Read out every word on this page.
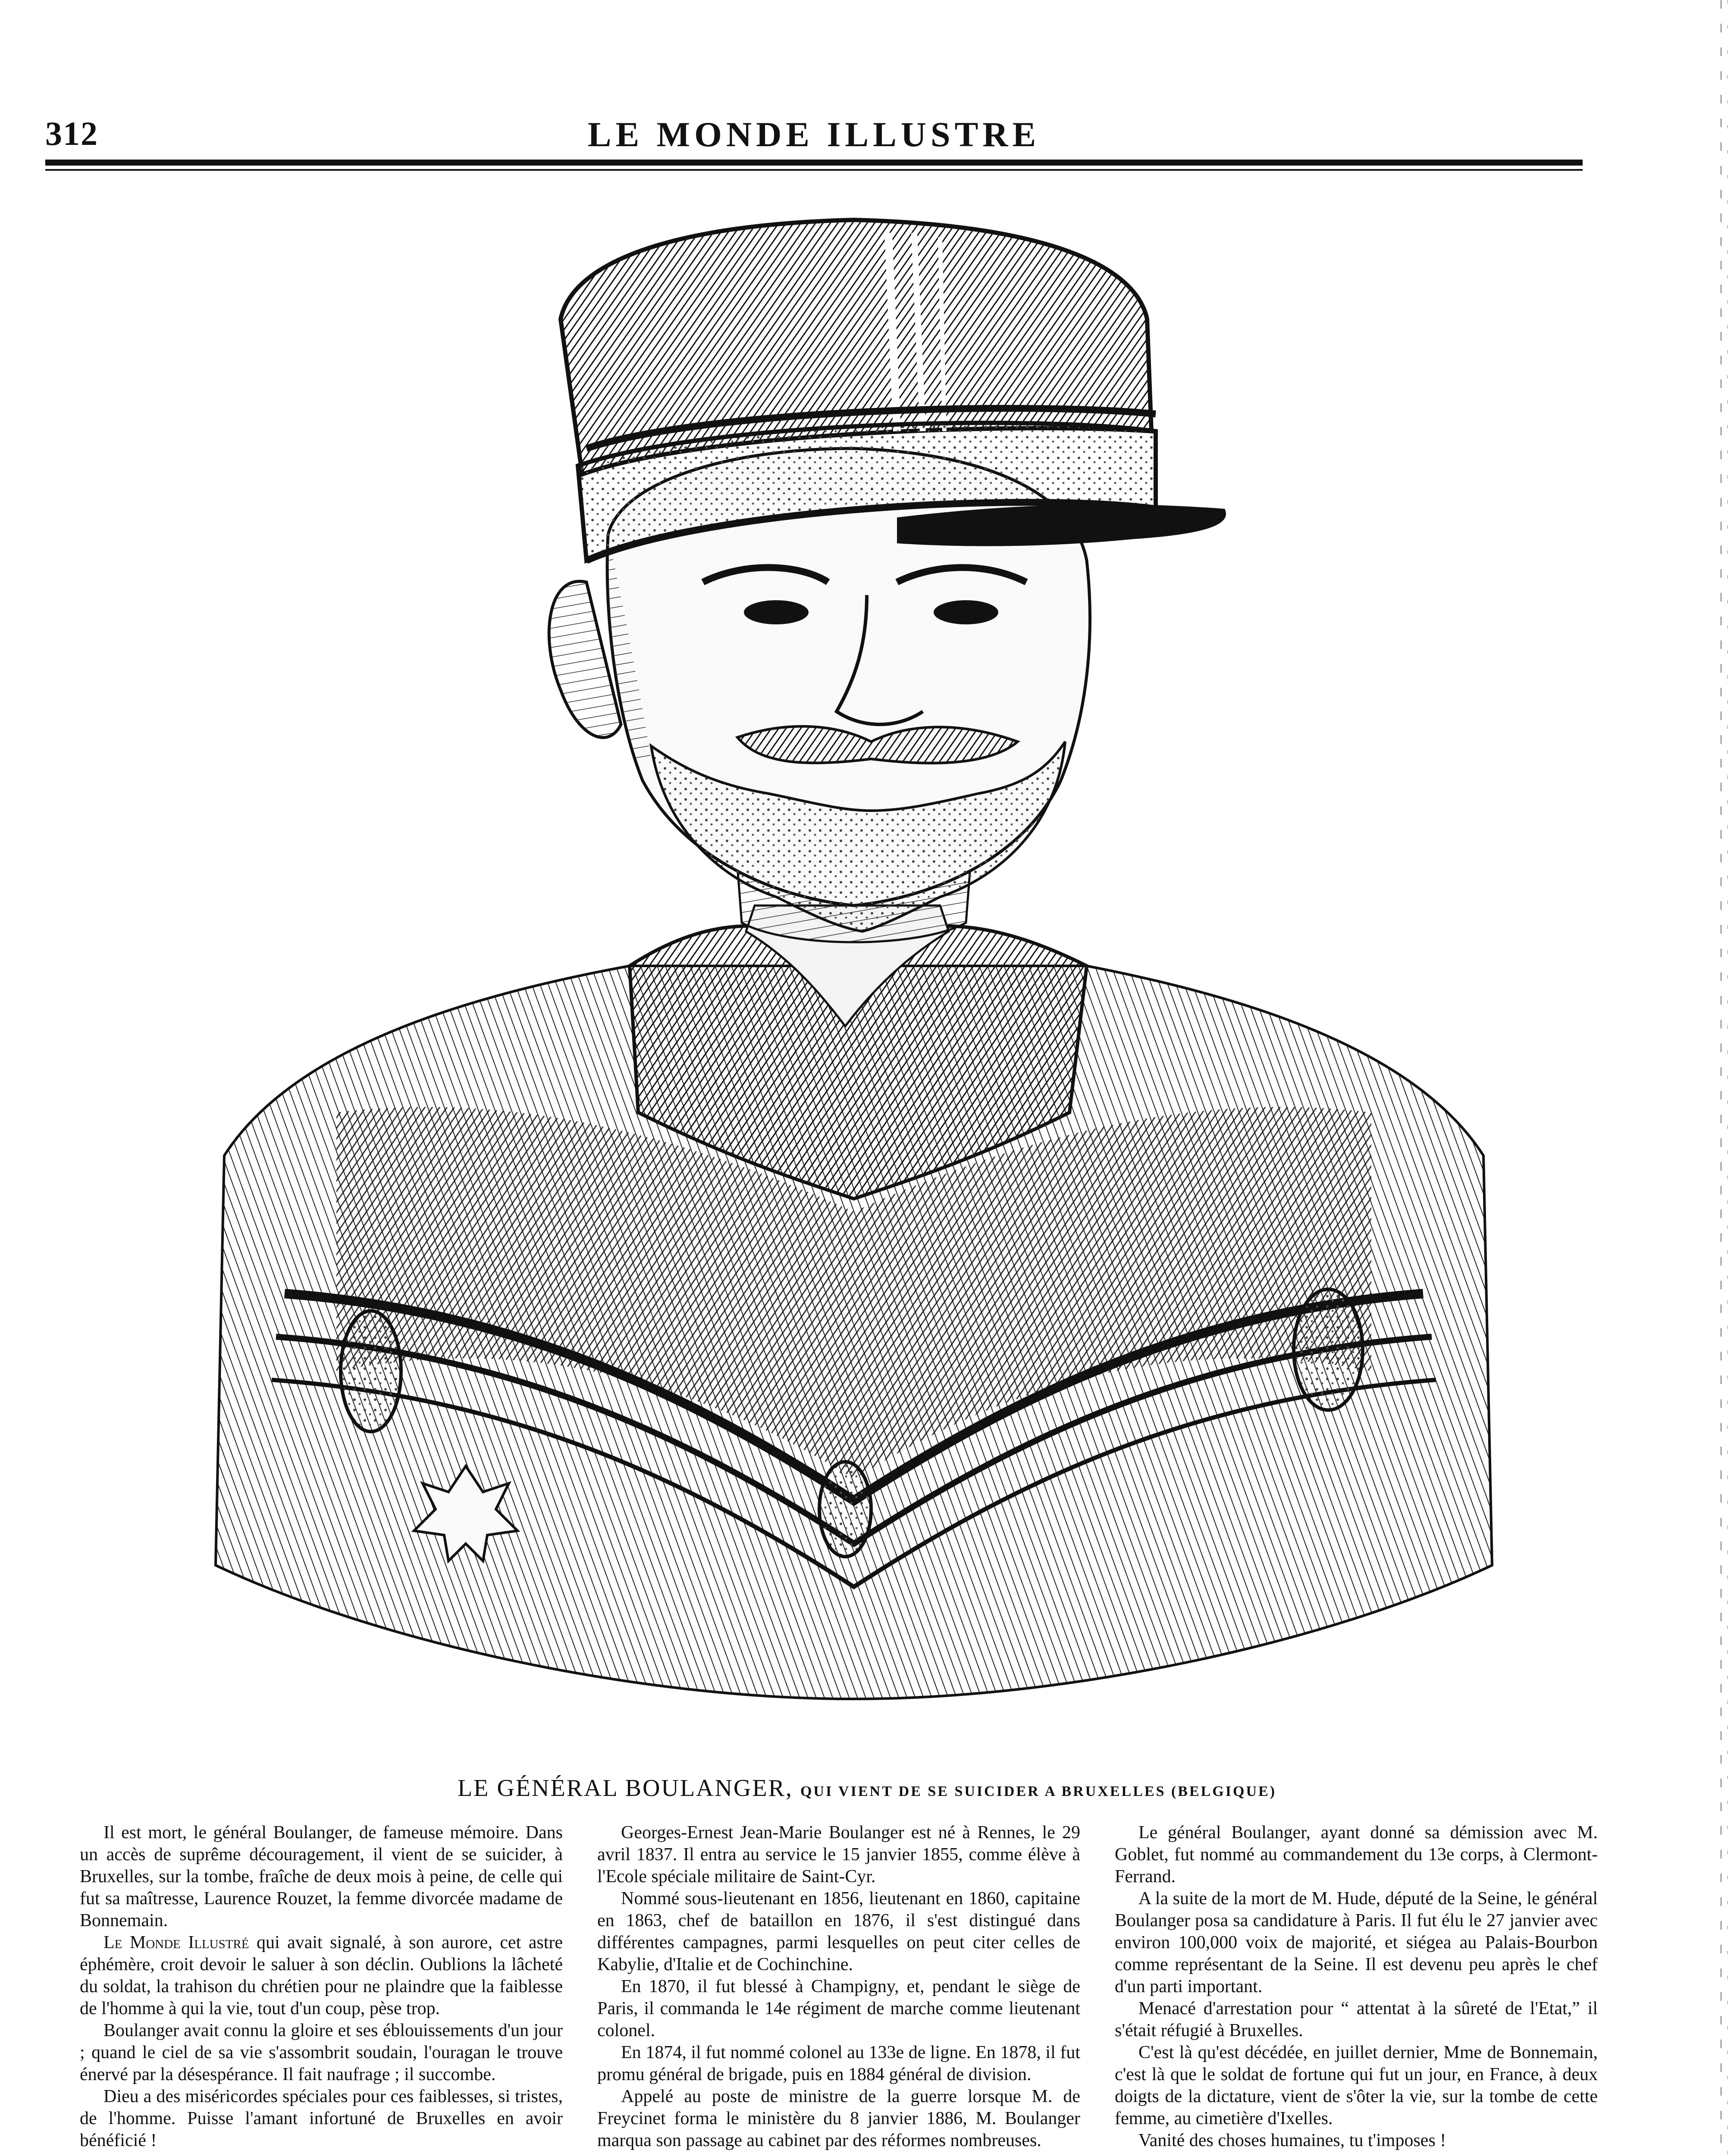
312	LE MONDE ILLUSTRE
LE GÉNÉRAL BOULANGER, QUI VIENT DE SE SUICIDER A BRUXELLES (BELGIQUE)

Il est mort, le général Boulanger, de fameuse mémoire. Dans un accès de suprême découragement, il vient de se suicider, à Bruxelles, sur la tombe, fraîche de deux mois à peine, de celle qui fut sa maîtresse, Laurence Rouzet, la femme divorcée madame de Bonnemain.

Le Monde Illustré qui avait signalé, à son aurore, cet astre éphémère, croit devoir le saluer à son déclin. Oublions la lâcheté du soldat, la trahison du chrétien pour ne plaindre que la faiblesse de l'homme à qui la vie, tout d'un coup, pèse trop.

Boulanger avait connu la gloire et ses éblouissements d'un jour ; quand le ciel de sa vie s'assombrit soudain, l'ouragan le trouve énervé par la désespérance. Il fait naufrage ; il succombe.

Dieu a des miséricordes spéciales pour ces faiblesses, si tristes, de l'homme. Puisse l'amant infortuné de Bruxelles en avoir bénéficié !

Georges-Ernest Jean-Marie Boulanger est né à Rennes, le 29 avril 1837. Il entra au service le 15 janvier 1855, comme élève à l'Ecole spéciale militaire de Saint-Cyr.

Nommé sous-lieutenant en 1856, lieutenant en 1860, capitaine en 1863, chef de bataillon en 1876, il s'est distingué dans différentes campagnes, parmi lesquelles on peut citer celles de Kabylie, d'Italie et de Cochinchine.

En 1870, il fut blessé à Champigny, et, pendant le siège de Paris, il commanda le 14e régiment de marche comme lieutenant colonel.

En 1874, il fut nommé colonel au 133e de ligne. En 1878, il fut promu général de brigade, puis en 1884 général de division.

Appelé au poste de ministre de la guerre lorsque M. de Freycinet forma le ministère du 8 janvier 1886, M. Boulanger marqua son passage au cabinet par des réformes nombreuses.

Le général Boulanger, ayant donné sa démission avec M. Goblet, fut nommé au commandement du 13e corps, à Clermont-Ferrand.

A la suite de la mort de M. Hude, député de la Seine, le général Boulanger posa sa candidature à Paris. Il fut élu le 27 janvier avec environ 100,000 voix de majorité, et siégea au Palais-Bourbon comme représentant de la Seine. Il est devenu peu après le chef d'un parti important.

Menacé d'arrestation pour “ attentat à la sûreté de l'Etat,” il s'était réfugié à Bruxelles.

C'est là qu'est décédée, en juillet dernier, Mme de Bonnemain, c'est là que le soldat de fortune qui fut un jour, en France, à deux doigts de la dictature, vient de s'ôter la vie, sur la tombe de cette femme, au cimetière d'Ixelles.

Vanité des choses humaines, tu t'imposes !
